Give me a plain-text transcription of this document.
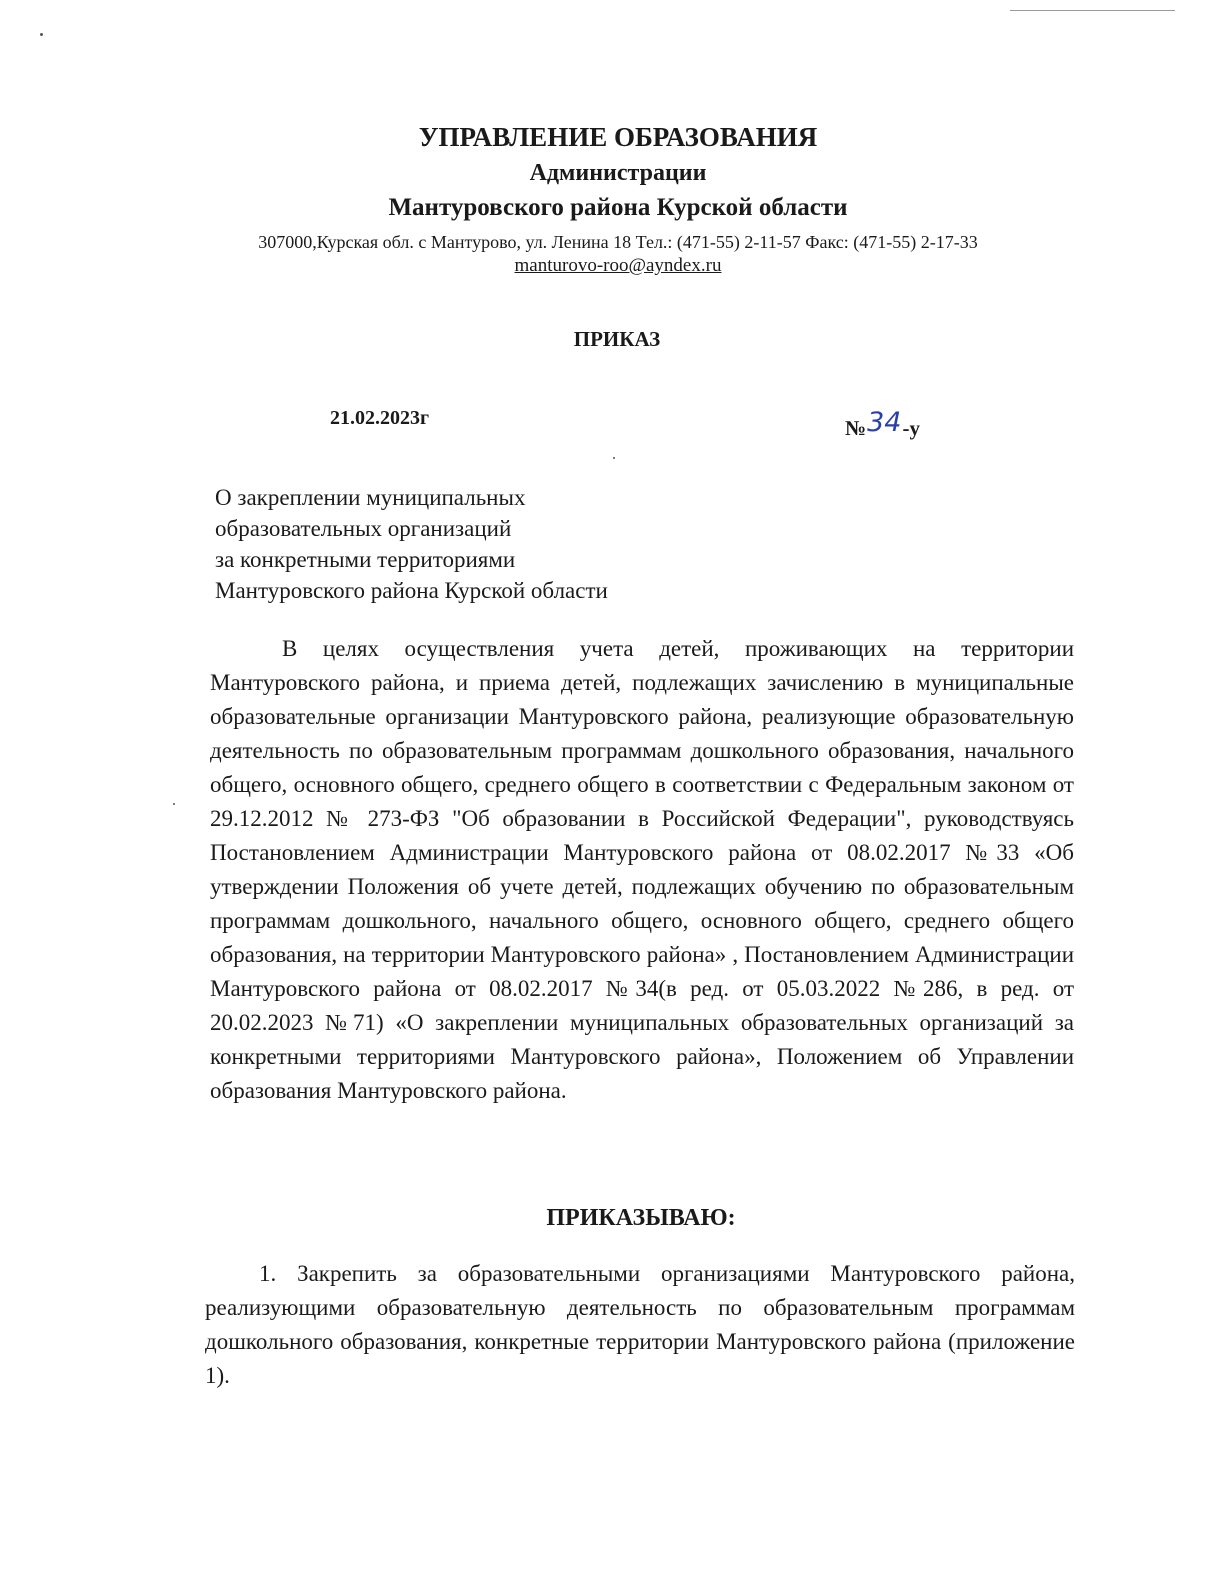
УПРАВЛЕНИЕ ОБРАЗОВАНИЯ
Администрации
Мантуровского района Курской области
307000,Курская обл. с Мантурово, ул. Ленина 18 Тел.: (471-55) 2-11-57 Факс: (471-55) 2-17-33
manturovo-roo@ayndex.ru
ПРИКАЗ
21.02.2023г	№34-у
О закреплении муниципальных
образовательных организаций
за конкретными территориями
Мантуровского района Курской области

В целях осуществления учета детей, проживающих на территории Мантуровского района, и приема детей, подлежащих зачислению в муниципальные образовательные организации Мантуровского района, реализующие образовательную деятельность по образовательным программам дошкольного образования, начального общего, основного общего, среднего общего в соответствии с Федеральным законом от 29.12.2012 № 273-ФЗ "Об образовании в Российской Федерации", руководствуясь Постановлением Администрации Мантуровского района от 08.02.2017 №33 «Об утверждении Положения об учете детей, подлежащих обучению по образовательным программам дошкольного, начального общего, основного общего, среднего общего образования, на территории Мантуровского района» , Постановлением Администрации Мантуровского района от 08.02.2017 №34(в ред. от 05.03.2022 №286, в ред. от 20.02.2023 №71) «О закреплении муниципальных образовательных организаций за конкретными территориями Мантуровского района», Положением об Управлении образования Мантуровского района.

ПРИКАЗЫВАЮ:

1. Закрепить за образовательными организациями Мантуровского района, реализующими образовательную деятельность по образовательным программам дошкольного образования, конкретные территории Мантуровского района (приложение 1).
